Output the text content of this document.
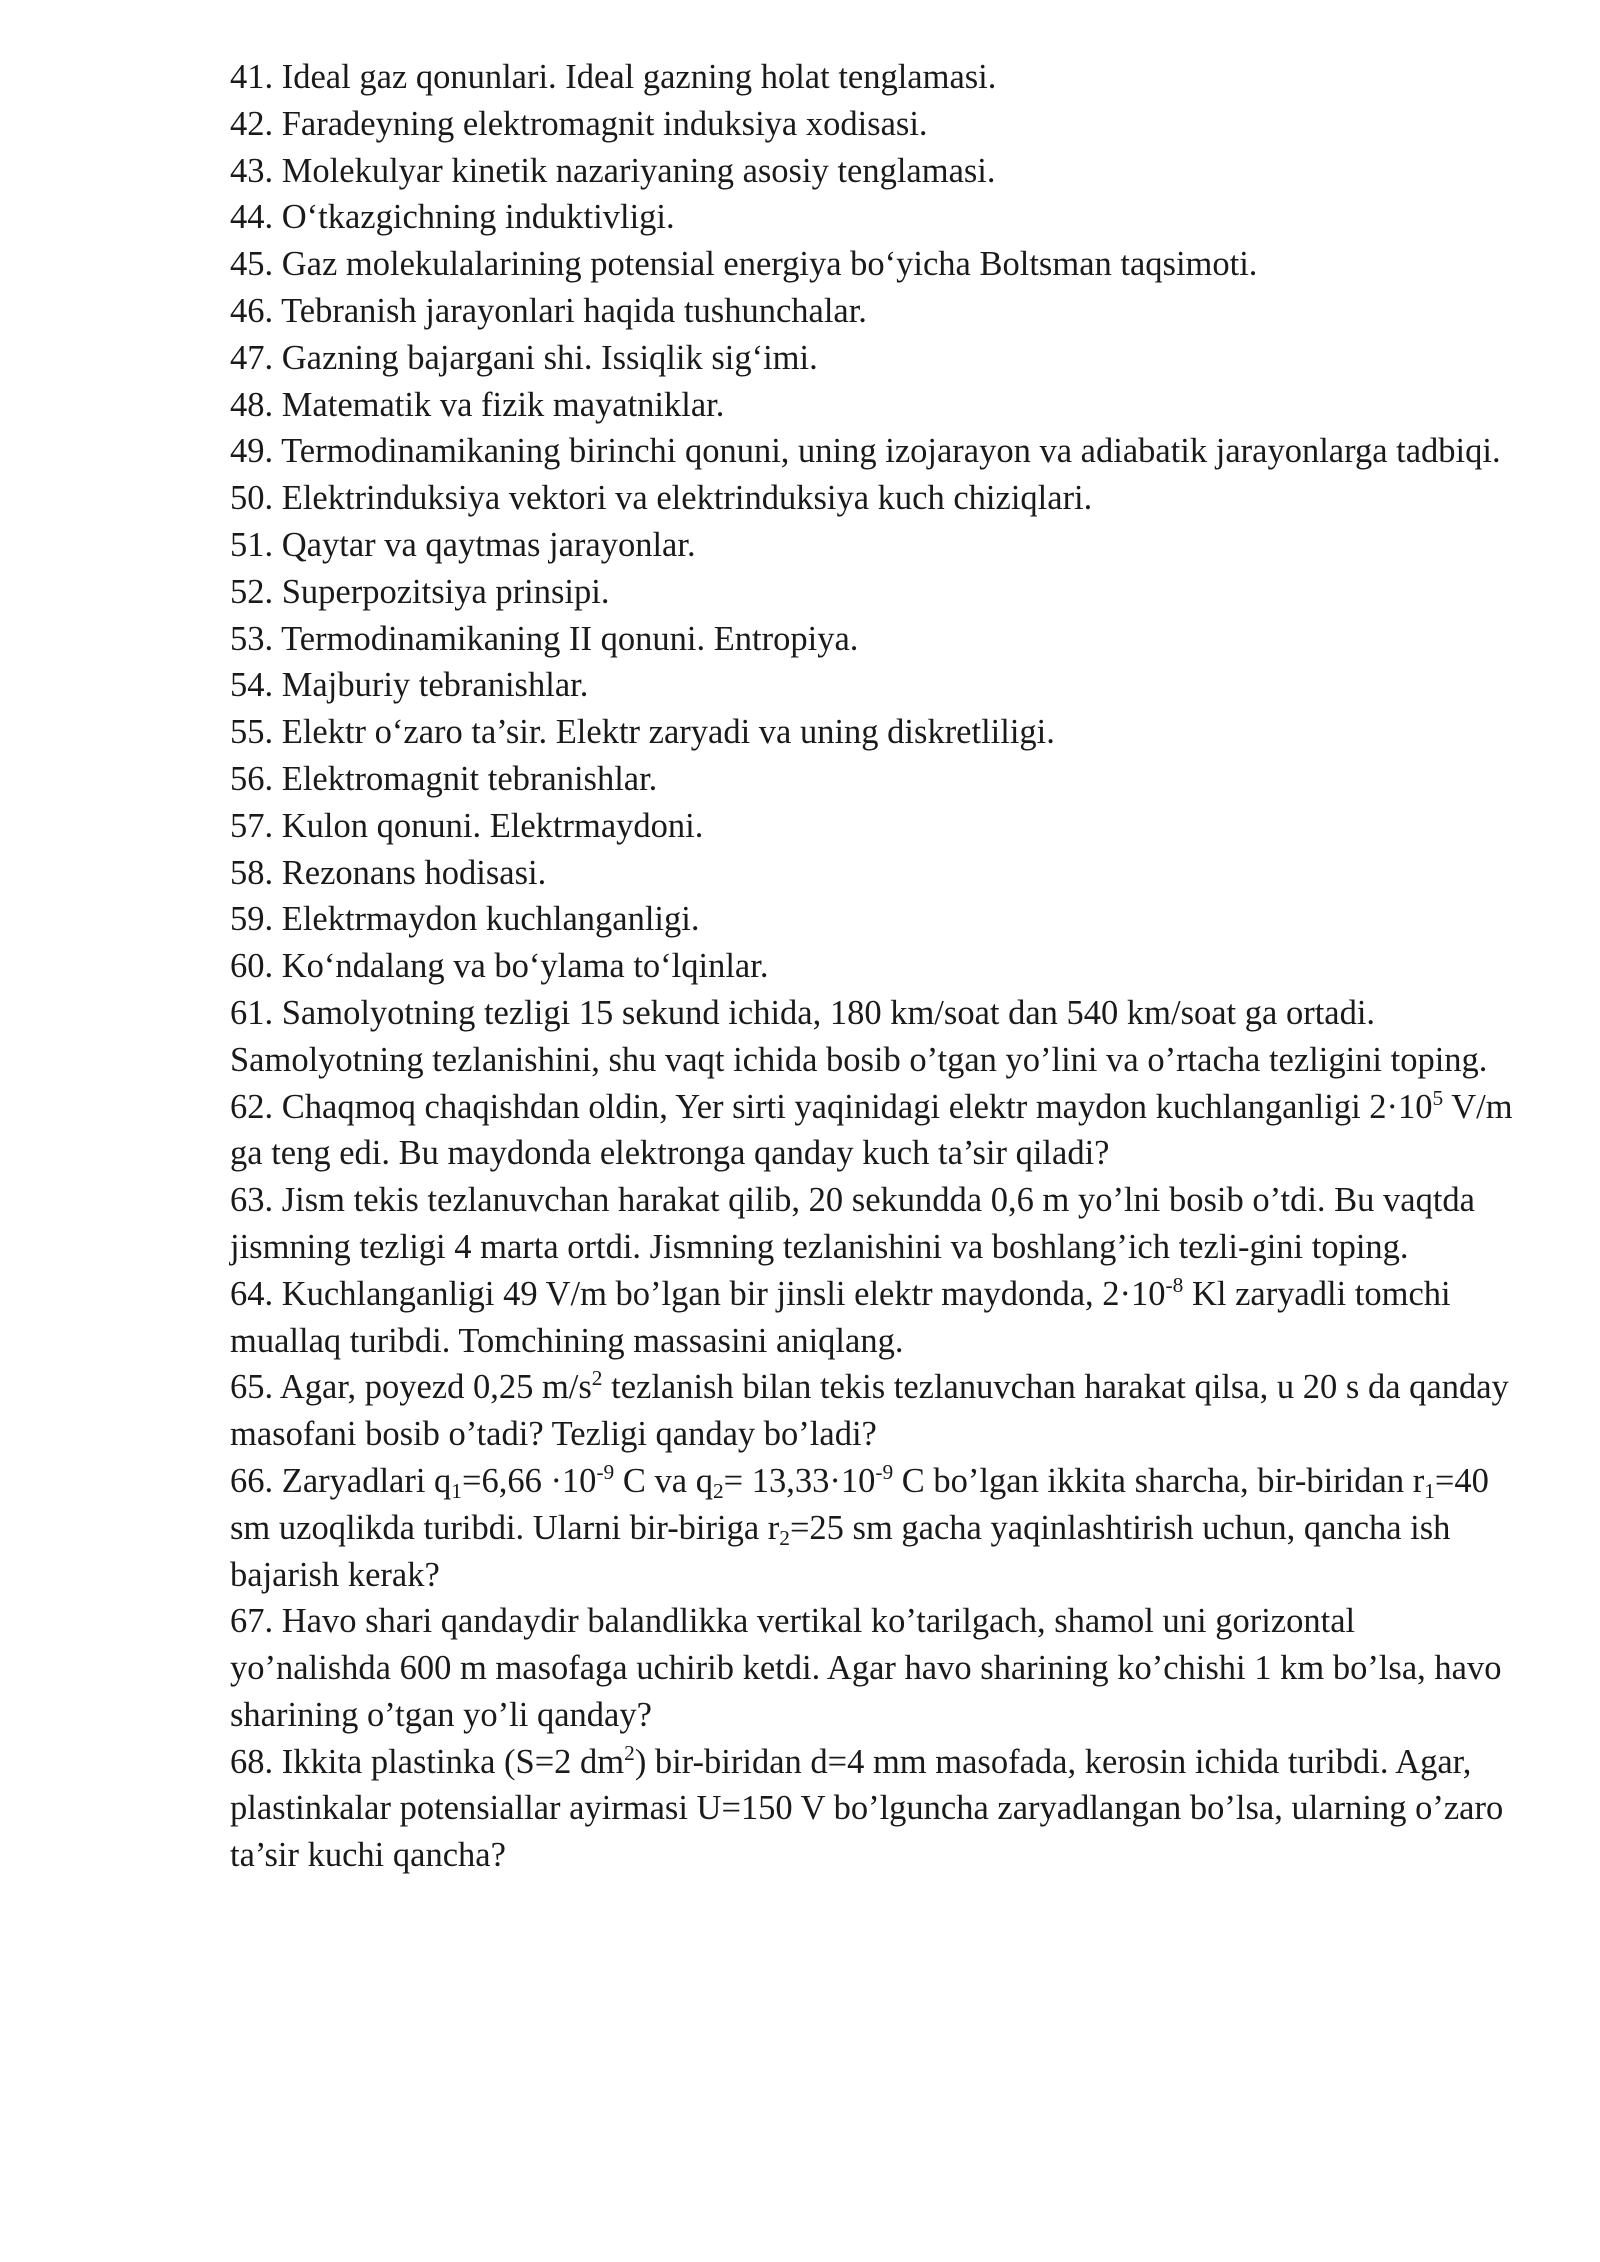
41. Ideal gaz qonunlari. Ideal gazning holat tenglamasi.

42. Faradeyning elektromagnit induksiya xodisasi.

43. Molekulyar kinetik nazariyaning asosiy tenglamasi.

44. O‘tkazgichning induktivligi.

45. Gaz molekulalarining potensial energiya bo‘yicha Boltsman taqsimoti.

46. Tebranish jarayonlari haqida tushunchalar.

47. Gazning bajargani shi. Issiqlik sig‘imi.

48. Matematik va fizik mayatniklar.

49. Termodinamikaning birinchi qonuni, uning izojarayon va adiabatik jarayonlarga tadbiqi.

50. Elektrinduksiya vektori va elektrinduksiya kuch chiziqlari.

51. Qaytar va qaytmas jarayonlar.

52. Superpozitsiya prinsipi.

53. Termodinamikaning II qonuni. Entropiya.

54. Majburiy tebranishlar.

55. Elektr o‘zaro ta’sir. Elektr zaryadi va uning diskretliligi.

56. Elektromagnit tebranishlar.

57. Kulon qonuni. Elektrmaydoni.

58. Rezonans hodisasi.

59. Elektrmaydon kuchlanganligi.

60. Ko‘ndalang va bo‘ylama to‘lqinlar.

61. Samolyotning tezligi 15 sekund ichida, 180 km/soat dan 540 km/soat ga ortadi. Samolyotning tezlanishini, shu vaqt ichida bosib o’tgan yo’lini va o’rtacha tezligini toping.

62. Chaqmoq chaqishdan oldin, Yer sirti yaqinidagi elektr maydon kuchlanganligi $2\cdot 10^5$ V/m ga teng edi. Bu maydonda elektronga qanday kuch ta’sir qiladi?

63. Jism tekis tezlanuvchan harakat qilib, 20 sekundda 0,6 m yo’lni bosib o’tdi. Bu vaqtda jismning tezligi 4 marta ortdi. Jismning tezlanishini va boshlang’ich tezli-gini toping.

64. Kuchlanganligi 49 V/m bo’lgan bir jinsli elektr maydonda, $2\cdot 10^{-8}$ Kl zaryadli tomchi muallaq turibdi. Tomchining massasini aniqlang.

65. Agar, poyezd 0,25 $m/s^2$ tezlanish bilan tekis tezlanuvchan harakat qilsa, u 20 s da qanday masofani bosib o’tadi? Tezligi qanday bo’ladi?

66. Zaryadlari $q_1=6,66 \cdot 10^{-9}$ C va $q_2= 13,33\cdot 10^{-9}$ C bo’lgan ikkita sharcha, bir-biridan $r_1=40$ sm uzoqlikda turibdi. Ularni bir-biriga $r_2=25$ sm gacha yaqinlashtirish uchun, qancha ish bajarish kerak?

67. Havo shari qandaydir balandlikka vertikal ko’tarilgach, shamol uni gorizontal yo’nalishda 600 m masofaga uchirib ketdi. Agar havo sharining ko’chishi 1 km bo’lsa, havo sharining o’tgan yo’li qanday?

68. Ikkita plastinka (S=2 $dm^2$) bir-biridan d=4 mm masofada, kerosin ichida turibdi. Agar, plastinkalar potensiallar ayirmasi U=150 V bo’lguncha zaryadlangan bo’lsa, ularning o’zaro ta’sir kuchi qancha?
